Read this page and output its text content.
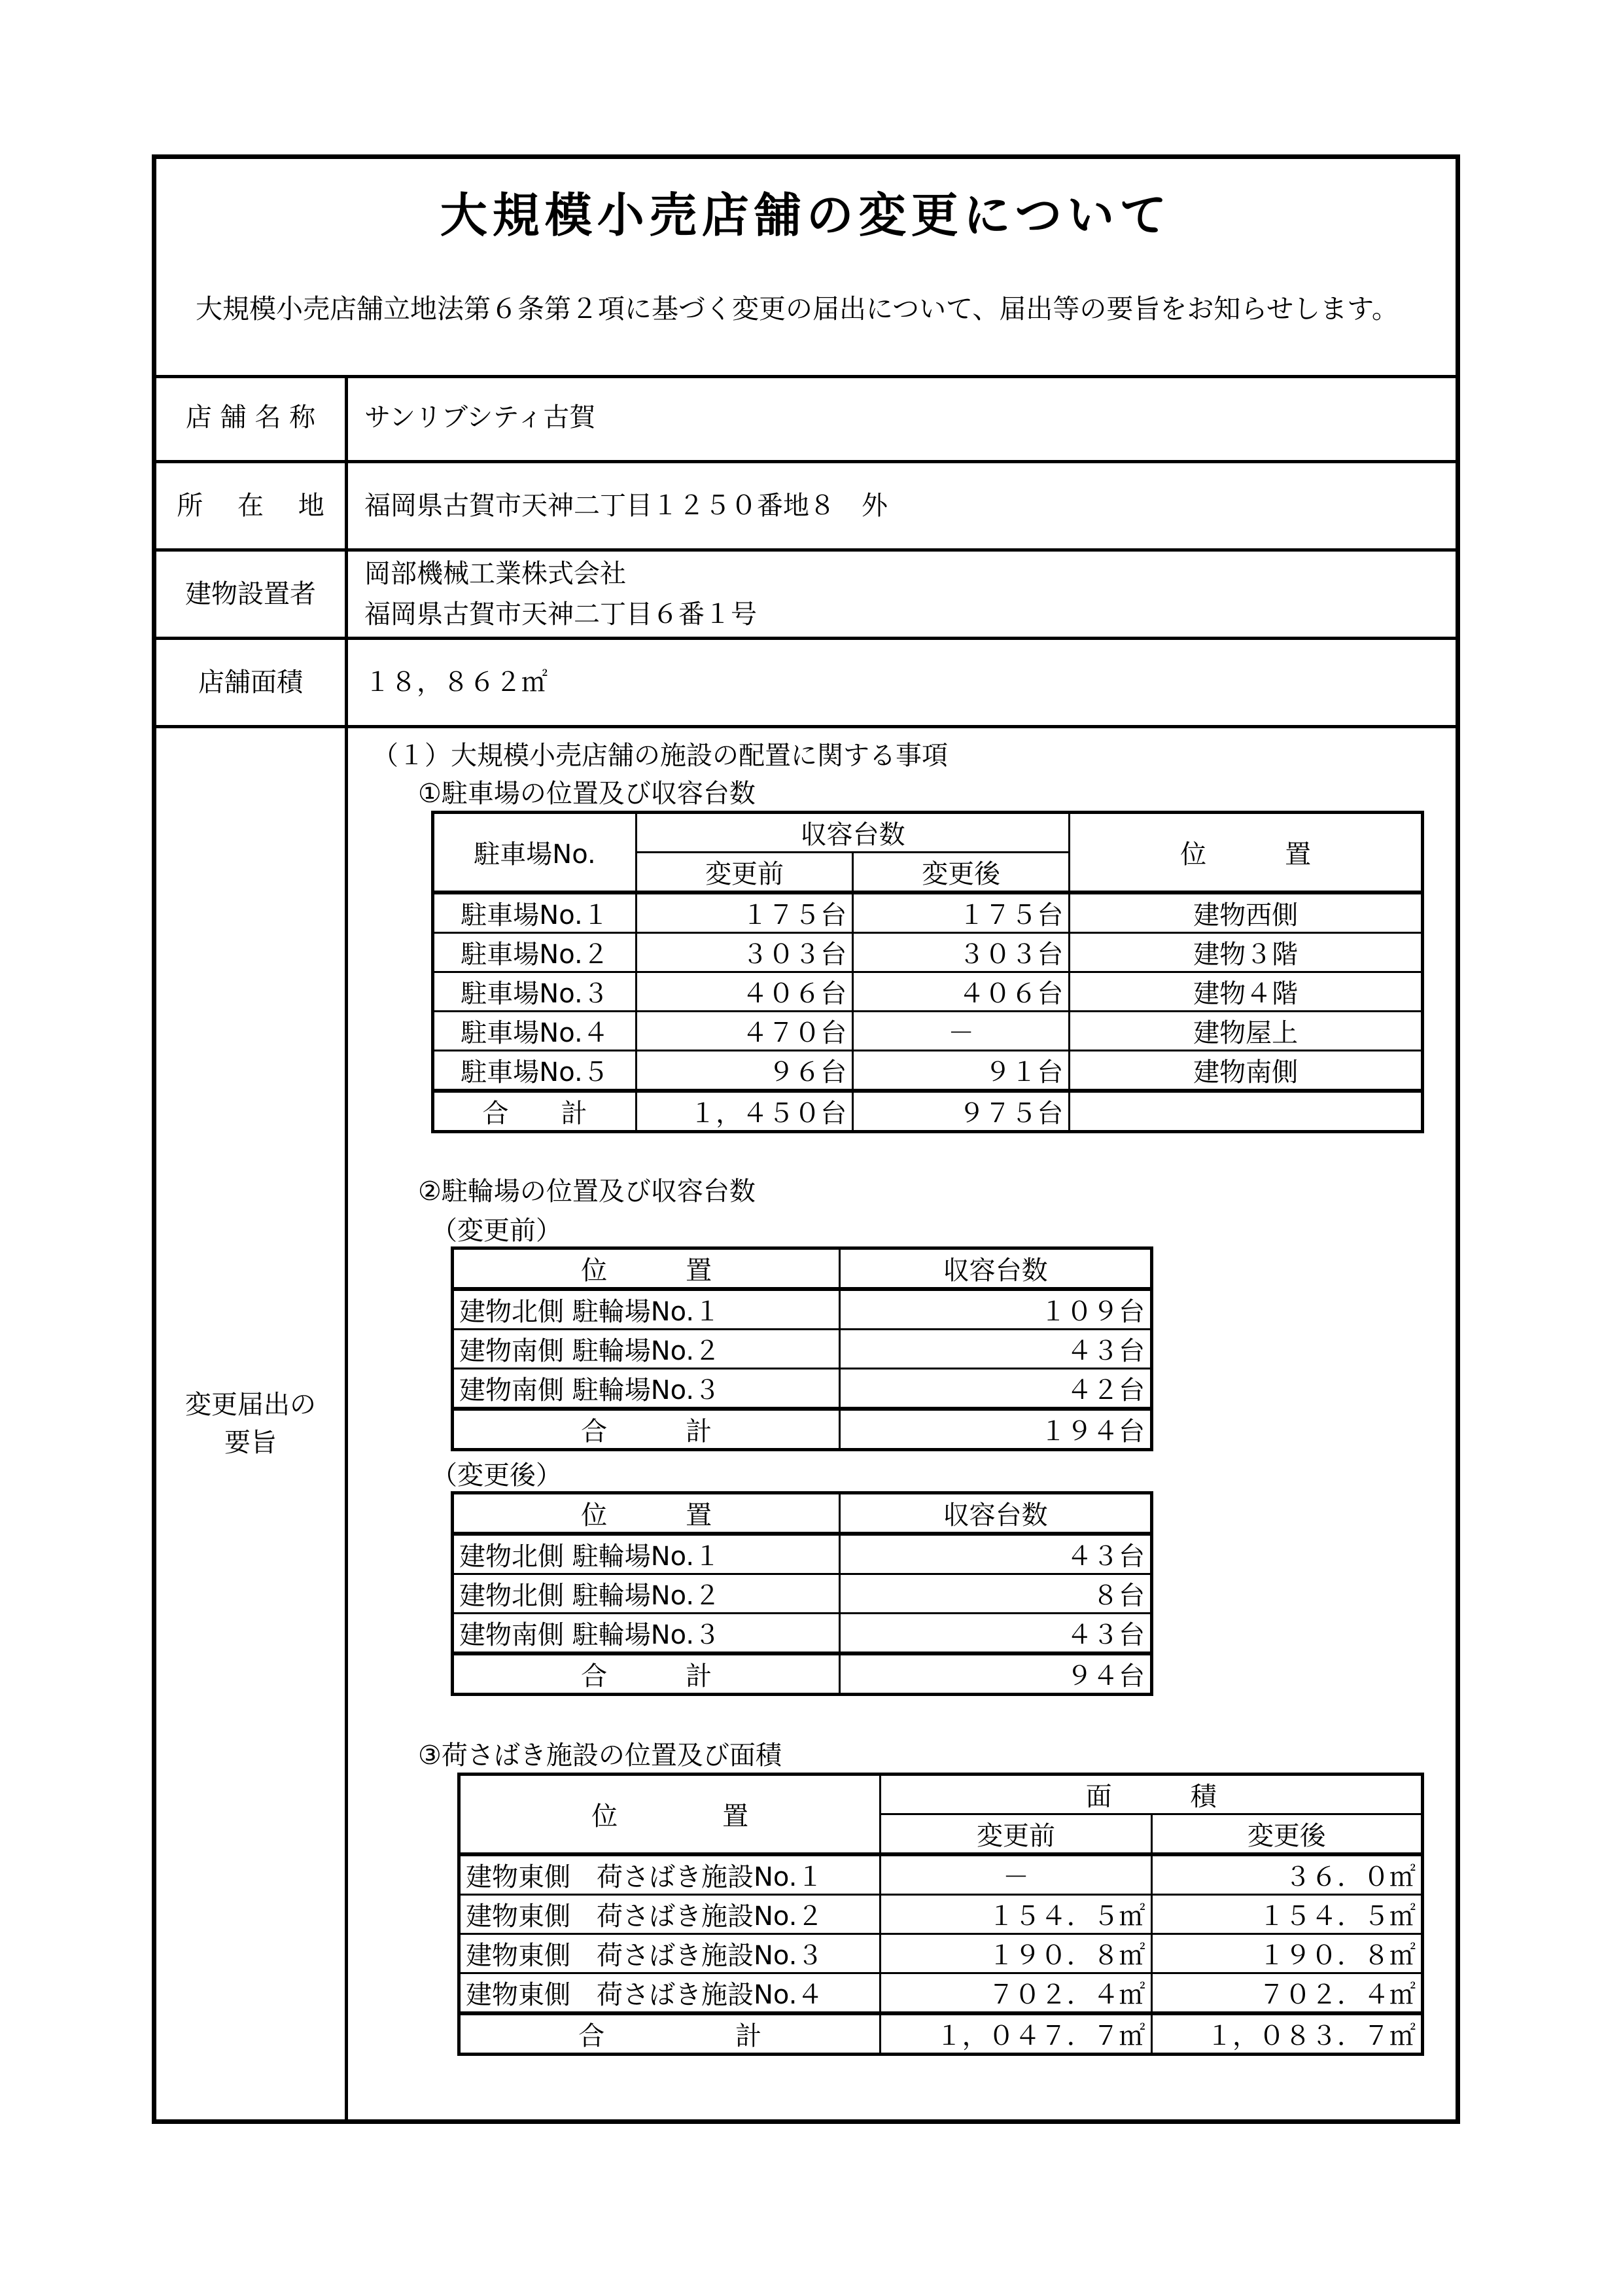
大規模小売店舗の変更について
大規模小売店舗立地法第６条第２項に基づく変更の届出について、届出等の要旨をお知らせします。
店 舗 名 称	サンリブシティ古賀
所　 在　 地	福岡県古賀市天神二丁目１２５０番地８　外
建物設置者
岡部機械工業株式会社
福岡県古賀市天神二丁目６番１号
店舗面積	１８，８６２㎡
変更届出の
要旨
（１）大規模小売店舗の施設の配置に関する事項
①駐車場の位置及び収容台数
駐車場No.	収容台数		位　　　置
	変更前	変更後	
駐車場No.１	１７５台	１７５台	建物西側
駐車場No.２	３０３台	３０３台	建物３階
駐車場No.３	４０６台	４０６台	建物４階
駐車場No.４	４７０台	－	建物屋上
駐車場No.５	９６台	９１台	建物南側
合　　計	１，４５０台	９７５台	
②駐輪場の位置及び収容台数
（変更前）
位　　　置	収容台数
建物北側 駐輪場No.１	１０９台
建物南側 駐輪場No.２	４３台
建物南側 駐輪場No.３	４２台
合　　　計	１９４台
（変更後）
位　　　置	収容台数
建物北側 駐輪場No.１	４３台
建物北側 駐輪場No.２	８台
建物南側 駐輪場No.３	４３台
合　　　計	９４台
③荷さばき施設の位置及び面積
位　　　　置	面　　　積	
	変更前	変更後
建物東側　荷さばき施設No.１	－	３６．０㎡
建物東側　荷さばき施設No.２	１５４．５㎡	１５４．５㎡
建物東側　荷さばき施設No.３	１９０．８㎡	１９０．８㎡
建物東側　荷さばき施設No.４	７０２．４㎡	７０２．４㎡
合　　　　　計	１，０４７．７㎡	１，０８３．７㎡
